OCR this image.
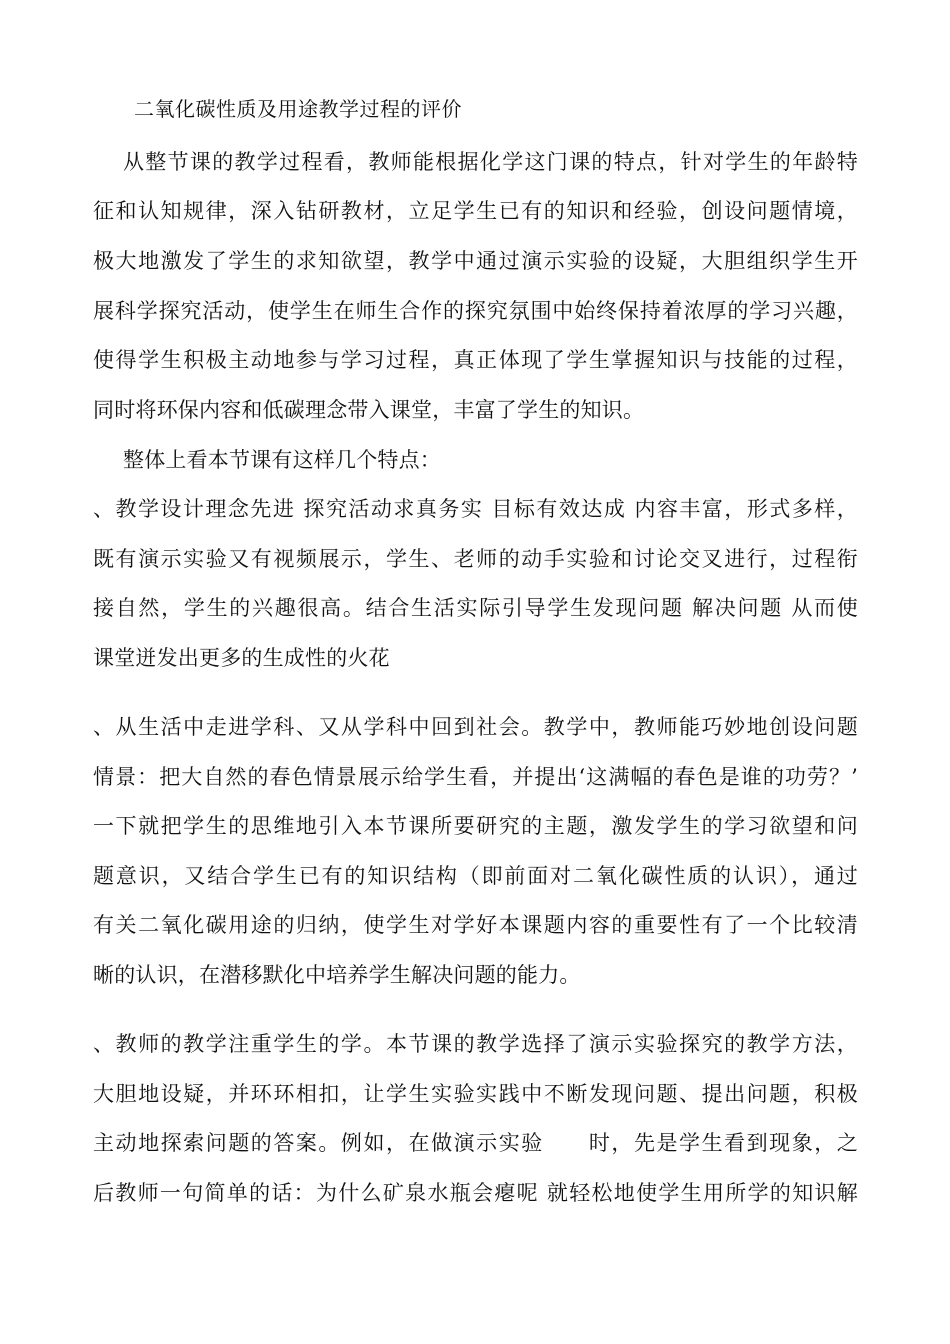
二氧化碳性质及用途教学过程的评价
从整节课的教学过程看，教师能根据化学这门课的特点，针对学生的年龄特
征和认知规律，深入钻研教材，立足学生已有的知识和经验，创设问题情境，
极大地激发了学生的求知欲望，教学中通过演示实验的设疑，大胆组织学生开
展科学探究活动，使学生在师生合作的探究氛围中始终保持着浓厚的学习兴趣，
使得学生积极主动地参与学习过程，真正体现了学生掌握知识与技能的过程，
同时将环保内容和低碳理念带入课堂，丰富了学生的知识。
整体上看本节课有这样几个特点：
、教学设计理念先进 探究活动求真务实 目标有效达成 内容丰富，形式多样，
既有演示实验又有视频展示，学生、老师的动手实验和讨论交叉进行，过程衔
接自然，学生的兴趣很高。结合生活实际引导学生发现问题 解决问题 从而使
课堂迸发出更多的生成性的火花
、从生活中走进学科、又从学科中回到社会。教学中，教师能巧妙地创设问题
情景：把大自然的春色情景展示给学生看，并提出‘这满幅的春色是谁的功劳？’
一下就把学生的思维地引入本节课所要研究的主题，激发学生的学习欲望和问
题意识，又结合学生已有的知识结构（即前面对二氧化碳性质的认识），通过
有关二氧化碳用途的归纳，使学生对学好本课题内容的重要性有了一个比较清
晰的认识，在潜移默化中培养学生解决问题的能力。
、教师的教学注重学生的学。本节课的教学选择了演示实验探究的教学方法，
大胆地设疑，并环环相扣，让学生实验实践中不断发现问题、提出问题，积极
主动地探索问题的答案。例如，在做演示实验　　时，先是学生看到现象，之
后教师一句简单的话：为什么矿泉水瓶会瘪呢 就轻松地使学生用所学的知识解
